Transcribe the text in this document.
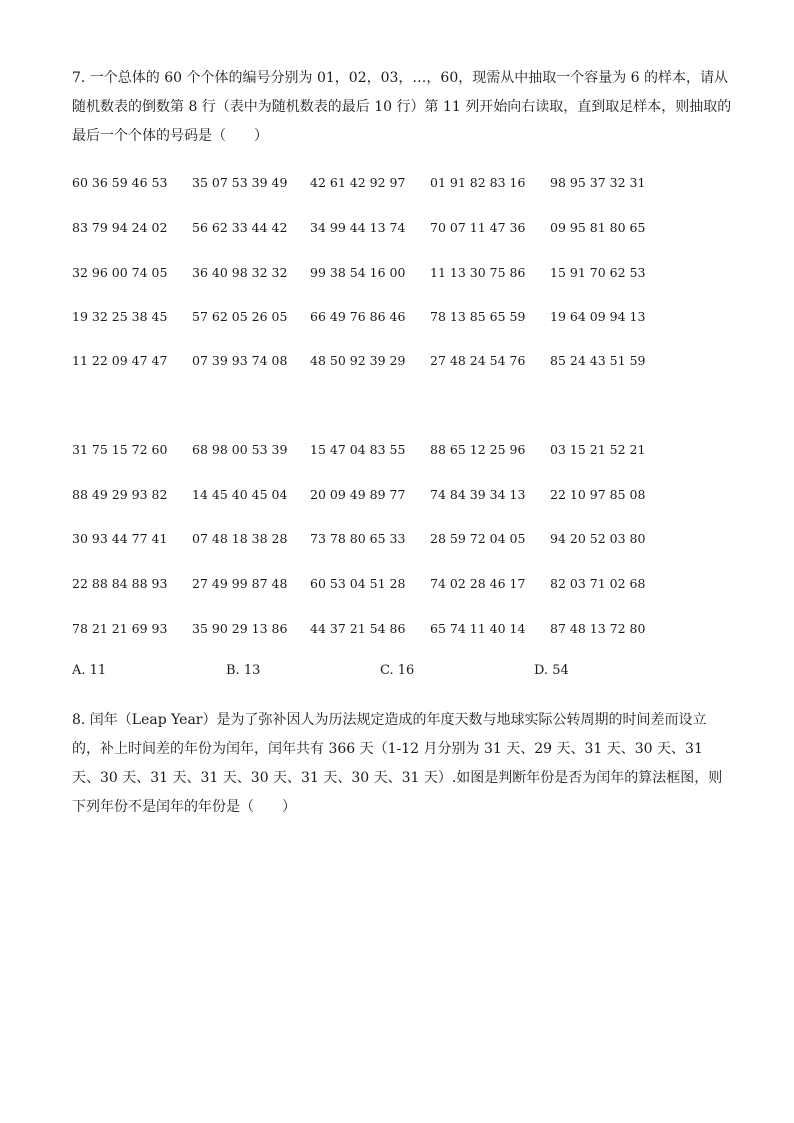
7. 一个总体的 60 个个体的编号分别为 01，02，03，…，60，现需从中抽取一个容量为 6 的样本，请从随机数表的倒数第 8 行（表中为随机数表的最后 10 行）第 11 列开始向右读取，直到取足样本，则抽取的最后一个个体的号码是（　　）
60 36 59 46 53 35 07 53 39 49 42 61 42 92 97 01 91 82 83 16 98 95 37 32 31
83 79 94 24 02 56 62 33 44 42 34 99 44 13 74 70 07 11 47 36 09 95 81 80 65
32 96 00 74 05 36 40 98 32 32 99 38 54 16 00 11 13 30 75 86 15 91 70 62 53
19 32 25 38 45 57 62 05 26 05 66 49 76 86 46 78 13 85 65 59 19 64 09 94 13
11 22 09 47 47 07 39 93 74 08 48 50 92 39 29 27 48 24 54 76 85 24 43 51 59
31 75 15 72 60 68 98 00 53 39 15 47 04 83 55 88 65 12 25 96 03 15 21 52 21
88 49 29 93 82 14 45 40 45 04 20 09 49 89 77 74 84 39 34 13 22 10 97 85 08
30 93 44 77 41 07 48 18 38 28 73 78 80 65 33 28 59 72 04 05 94 20 52 03 80
22 88 84 88 93 27 49 99 87 48 60 53 04 51 28 74 02 28 46 17 82 03 71 02 68
78 21 21 69 93 35 90 29 13 86 44 37 21 54 86 65 74 11 40 14 87 48 13 72 80
A. 11	B. 13	C. 16	D. 54
8. 闰年（Leap Year）是为了弥补因人为历法规定造成的年度天数与地球实际公转周期的时间差而设立的，补上时间差的年份为闰年，闰年共有 366 天（1-12 月分别为 31 天、29 天、31 天、30 天、31 天、30 天、31 天、31 天、30 天、31 天、30 天、31 天）.如图是判断年份是否为闰年的算法框图，则下列年份不是闰年的年份是（　　）
